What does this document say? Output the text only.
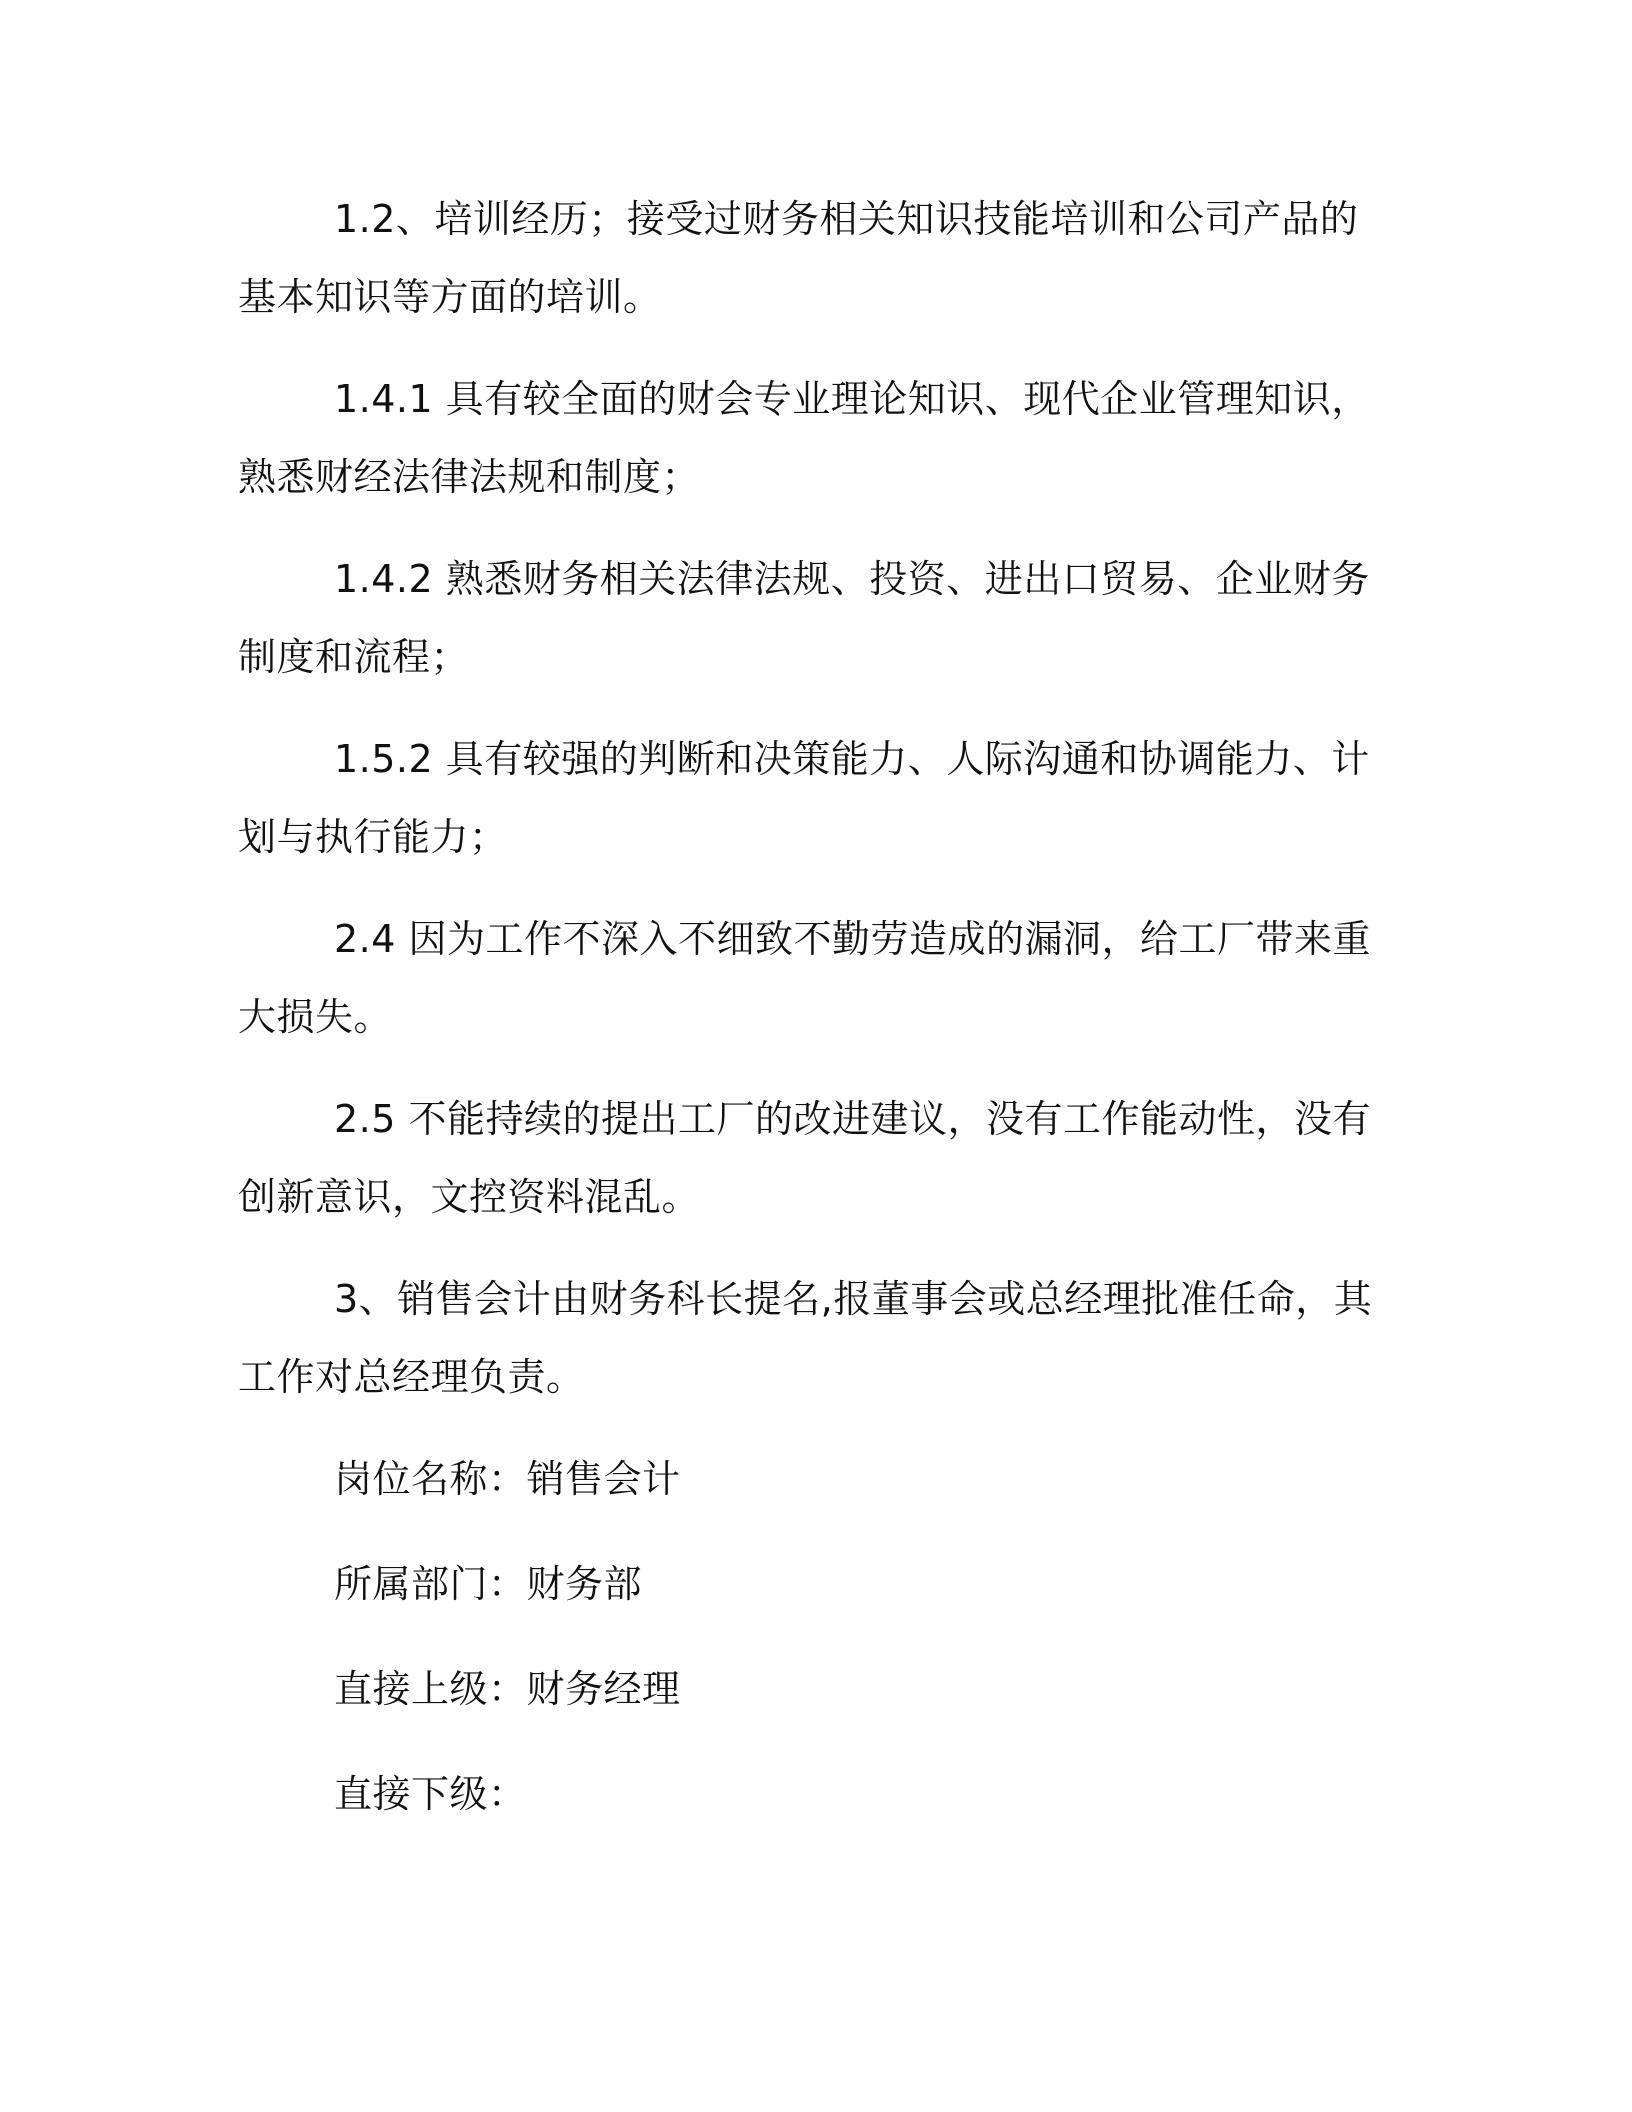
1.2、培训经历；接受过财务相关知识技能培训和公司产品的基本知识等方面的培训。

1.4.1 具有较全面的财会专业理论知识、现代企业管理知识，熟悉财经法律法规和制度；

1.4.2 熟悉财务相关法律法规、投资、进出口贸易、企业财务制度和流程；

1.5.2 具有较强的判断和决策能力、人际沟通和协调能力、计划与执行能力；

2.4 因为工作不深入不细致不勤劳造成的漏洞，给工厂带来重大损失。

2.5 不能持续的提出工厂的改进建议，没有工作能动性，没有创新意识，文控资料混乱。

3、销售会计由财务科长提名,报董事会或总经理批准任命，其工作对总经理负责。

岗位名称：销售会计

所属部门：财务部

直接上级：财务经理

直接下级：
